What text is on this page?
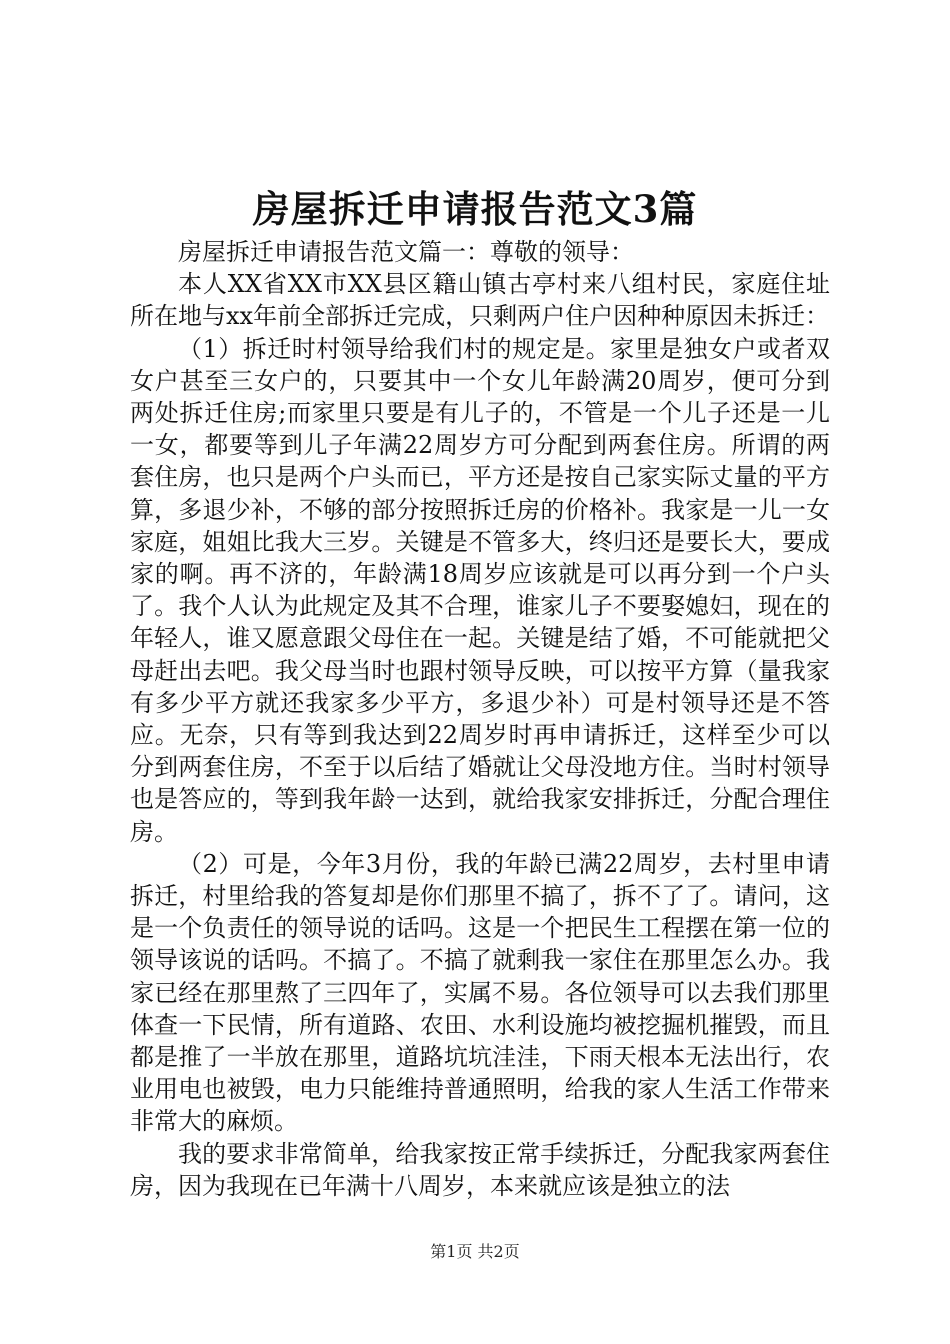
房屋拆迁申请报告范文3篇

房屋拆迁申请报告范文篇一：尊敬的领导：

本人XX省XX市XX县区籍山镇古亭村来八组村民，家庭住址所在地与xx年前全部拆迁完成，只剩两户住户因种种原因未拆迁：

（1）拆迁时村领导给我们村的规定是。家里是独女户或者双女户甚至三女户的，只要其中一个女儿年龄满20周岁，便可分到两处拆迁住房;而家里只要是有儿子的，不管是一个儿子还是一儿一女，都要等到儿子年满22周岁方可分配到两套住房。所谓的两套住房，也只是两个户头而已，平方还是按自己家实际丈量的平方算，多退少补，不够的部分按照拆迁房的价格补。我家是一儿一女家庭，姐姐比我大三岁。关键是不管多大，终归还是要长大，要成家的啊。再不济的，年龄满18周岁应该就是可以再分到一个户头了。我个人认为此规定及其不合理，谁家儿子不要娶媳妇，现在的年轻人，谁又愿意跟父母住在一起。关键是结了婚，不可能就把父母赶出去吧。我父母当时也跟村领导反映，可以按平方算（量我家有多少平方就还我家多少平方，多退少补）可是村领导还是不答应。无奈，只有等到我达到22周岁时再申请拆迁，这样至少可以分到两套住房，不至于以后结了婚就让父母没地方住。当时村领导也是答应的，等到我年龄一达到，就给我家安排拆迁，分配合理住房。

（2）可是，今年3月份，我的年龄已满22周岁，去村里申请拆迁，村里给我的答复却是你们那里不搞了，拆不了了。请问，这是一个负责任的领导说的话吗。这是一个把民生工程摆在第一位的领导该说的话吗。不搞了。不搞了就剩我一家住在那里怎么办。我家已经在那里熬了三四年了，实属不易。各位领导可以去我们那里体查一下民情，所有道路、农田、水利设施均被挖掘机摧毁，而且都是推了一半放在那里，道路坑坑洼洼，下雨天根本无法出行，农业用电也被毁，电力只能维持普通照明，给我的家人生活工作带来非常大的麻烦。

我的要求非常简单，给我家按正常手续拆迁，分配我家两套住房，因为我现在已年满十八周岁，本来就应该是独立的法

第1页 共2页
